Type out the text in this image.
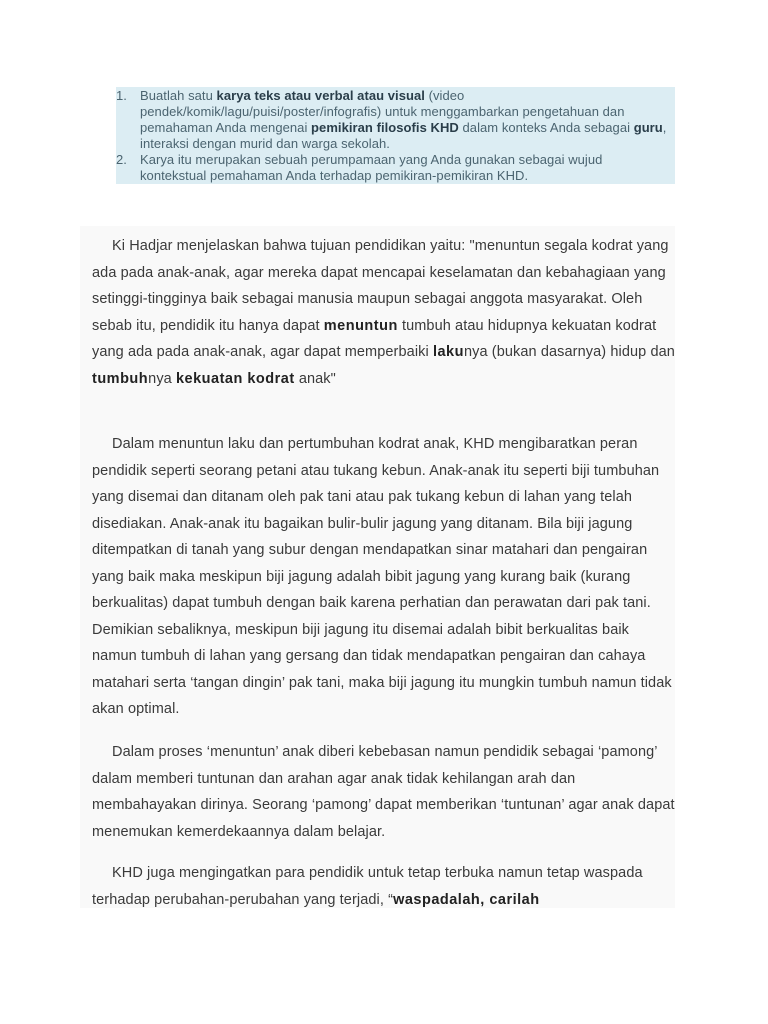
1.	Buatlah satu karya teks atau verbal atau visual (video pendek/komik/lagu/puisi/poster/infografis) untuk menggambarkan pengetahuan dan pemahaman Anda mengenai pemikiran filosofis KHD dalam konteks Anda sebagai guru, interaksi dengan murid dan warga sekolah.
2.	Karya itu merupakan sebuah perumpamaan yang Anda gunakan sebagai wujud kontekstual pemahaman Anda terhadap pemikiran-pemikiran KHD.

Ki Hadjar menjelaskan bahwa tujuan pendidikan yaitu: "menuntun segala kodrat yang ada pada anak-anak, agar mereka dapat mencapai keselamatan dan kebahagiaan yang setinggi-tingginya baik sebagai manusia maupun sebagai anggota masyarakat. Oleh sebab itu, pendidik itu hanya dapat menuntun tumbuh atau hidupnya kekuatan kodrat yang ada pada anak-anak, agar dapat memperbaiki lakunya (bukan dasarnya) hidup dan tumbuhnya kekuatan kodrat anak"

Dalam menuntun laku dan pertumbuhan kodrat anak, KHD mengibaratkan peran pendidik seperti seorang petani atau tukang kebun. Anak-anak itu seperti biji tumbuhan yang disemai dan ditanam oleh pak tani atau pak tukang kebun di lahan yang telah disediakan. Anak-anak itu bagaikan bulir-bulir jagung yang ditanam. Bila biji jagung ditempatkan di tanah yang subur dengan mendapatkan sinar matahari dan pengairan yang baik maka meskipun biji jagung adalah bibit jagung yang kurang baik (kurang berkualitas) dapat tumbuh dengan baik karena perhatian dan perawatan dari pak tani. Demikian sebaliknya, meskipun biji jagung itu disemai adalah bibit berkualitas baik namun tumbuh di lahan yang gersang dan tidak mendapatkan pengairan dan cahaya matahari serta ‘tangan dingin’ pak tani, maka biji jagung itu mungkin tumbuh namun tidak akan optimal.

Dalam proses ‘menuntun’ anak diberi kebebasan namun pendidik sebagai ‘pamong’ dalam memberi tuntunan dan arahan agar anak tidak kehilangan arah dan membahayakan dirinya. Seorang ‘pamong’ dapat memberikan ‘tuntunan’ agar anak dapat menemukan kemerdekaannya dalam belajar.

KHD juga mengingatkan para pendidik untuk tetap terbuka namun tetap waspada terhadap perubahan-perubahan yang terjadi, “waspadalah, carilah
